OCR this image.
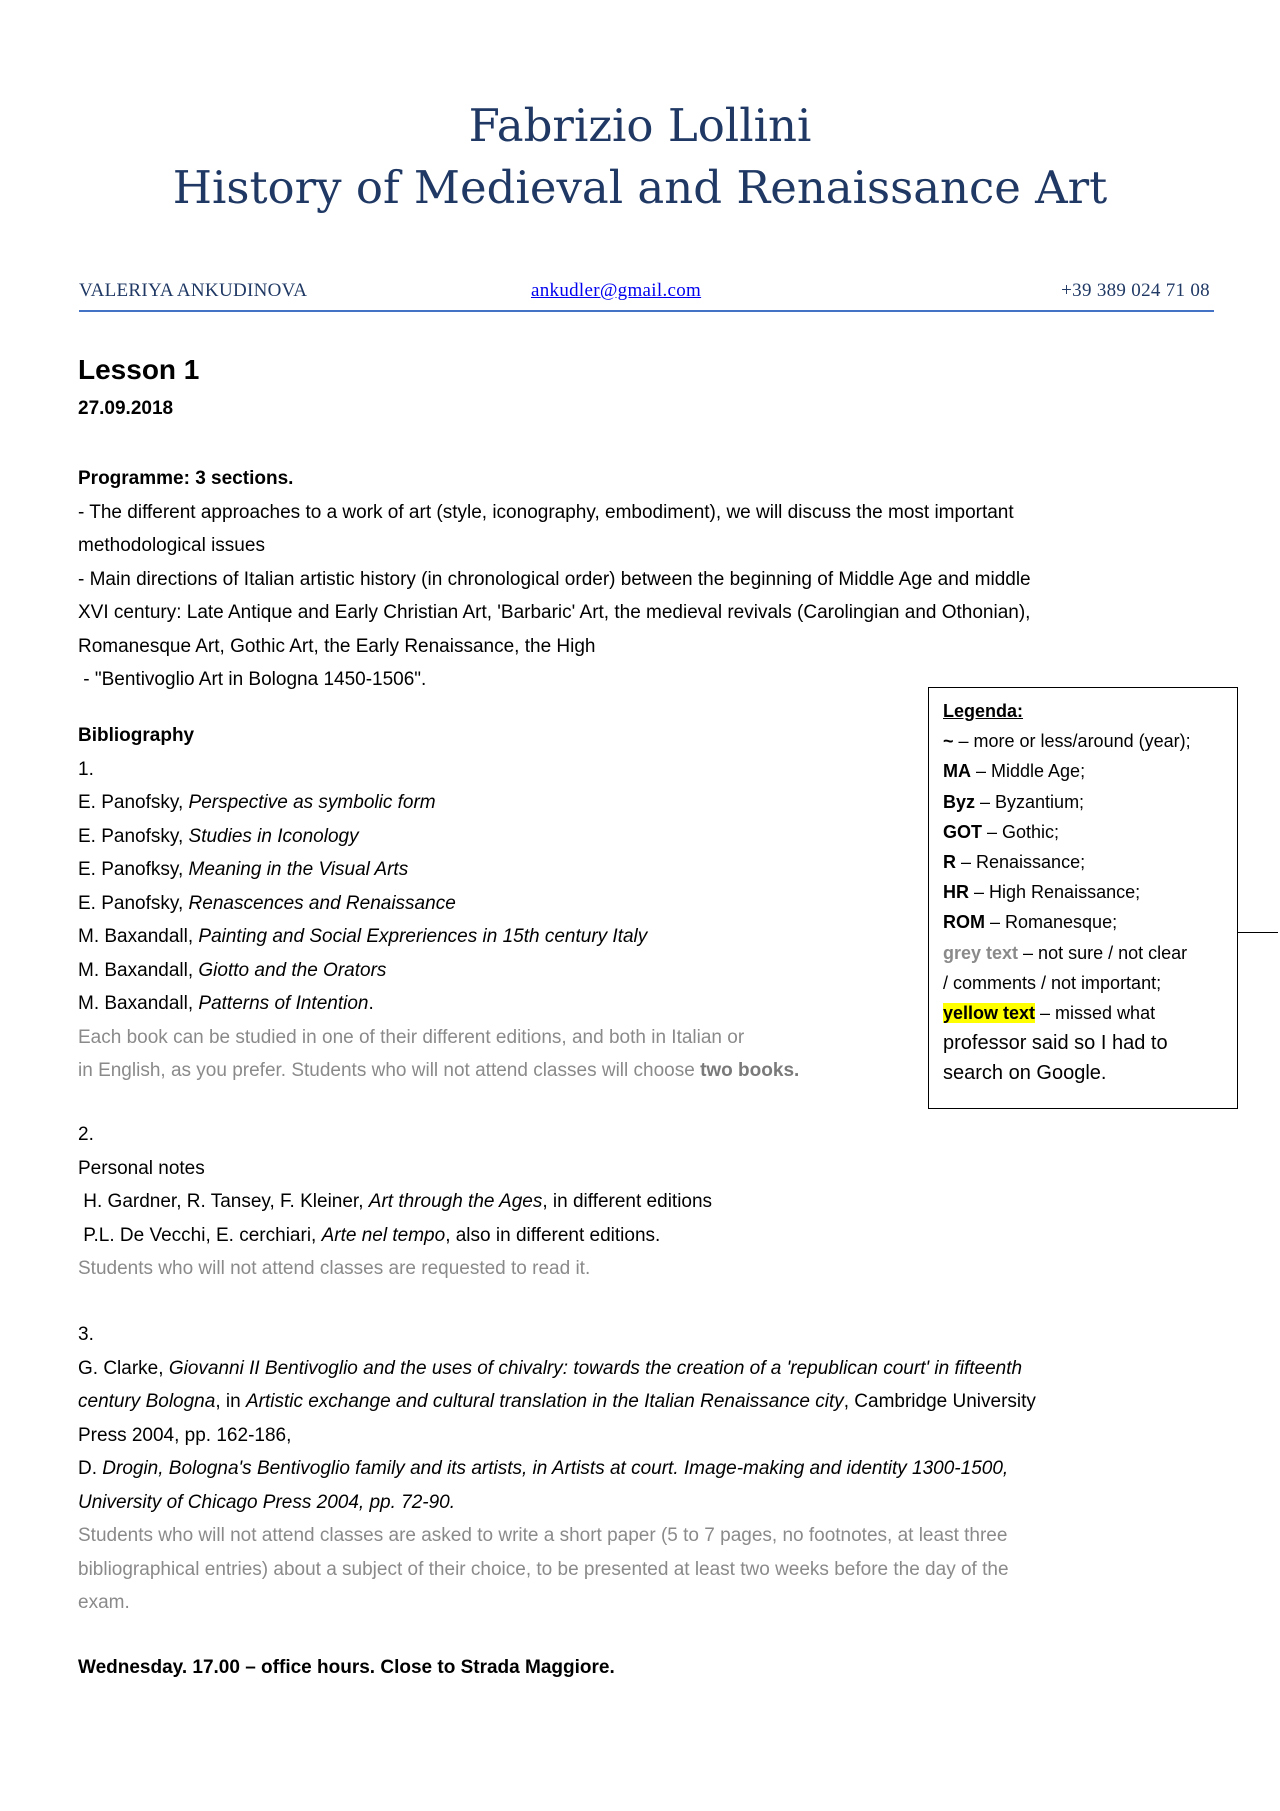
Fabrizio Lollini
History of Medieval and Renaissance Art
VALERIYA ANKUDINOVA	ankudler@gmail.com	+39 389 024 71 08
Lesson 1
27.09.2018
Programme: 3 sections.
- The different approaches to a work of art (style, iconography, embodiment), we will discuss the most important
methodological issues
- Main directions of Italian artistic history (in chronological order) between the beginning of Middle Age and middle
XVI century: Late Antique and Early Christian Art, 'Barbaric' Art, the medieval revivals (Carolingian and Othonian),
Romanesque Art, Gothic Art, the Early Renaissance, the High
- "Bentivoglio Art in Bologna 1450-1506".
Bibliography
1.
E. Panofsky, Perspective as symbolic form
E. Panofsky, Studies in Iconology
E. Panofksy, Meaning in the Visual Arts
E. Panofsky, Renascences and Renaissance
M. Baxandall, Painting and Social Expreriences in 15th century Italy
M. Baxandall, Giotto and the Orators
M. Baxandall, Patterns of Intention.
Each book can be studied in one of their different editions, and both in Italian or
in English, as you prefer. Students who will not attend classes will choose two books.
2.
Personal notes
H. Gardner, R. Tansey, F. Kleiner, Art through the Ages, in different editions
P.L. De Vecchi, E. cerchiari, Arte nel tempo, also in different editions.
Students who will not attend classes are requested to read it.
3.
G. Clarke, Giovanni II Bentivoglio and the uses of chivalry: towards the creation of a 'republican court' in fifteenth
century Bologna, in Artistic exchange and cultural translation in the Italian Renaissance city, Cambridge University
Press 2004, pp. 162-186,
D. Drogin, Bologna's Bentivoglio family and its artists, in Artists at court. Image-making and identity 1300-1500,
University of Chicago Press 2004, pp. 72-90.
Students who will not attend classes are asked to write a short paper (5 to 7 pages, no footnotes, at least three
bibliographical entries) about a subject of their choice, to be presented at least two weeks before the day of the
exam.
Wednesday. 17.00 – office hours. Close to Strada Maggiore.
Legenda:
~ – more or less/around (year);
MA – Middle Age;
Byz – Byzantium;
GOT – Gothic;
R – Renaissance;
HR – High Renaissance;
ROM – Romanesque;
grey text – not sure / not clear
/ comments / not important;
yellow text – missed what
professor said so I had to
search on Google.
